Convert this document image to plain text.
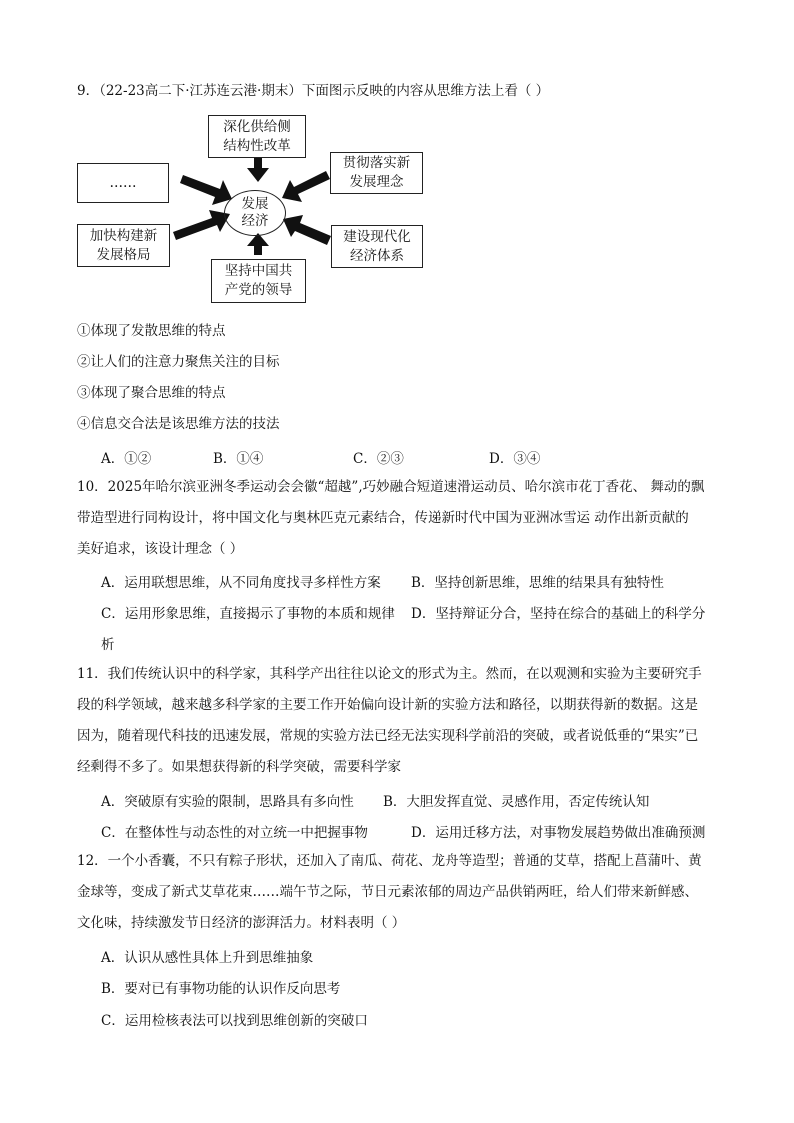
9．（22-23高二下·江苏连云港·期末）下面图示反映的内容从思维方法上看（ ）
深化供给侧
结构性改革
……
贯彻落实新
发展理念
发展
经济
加快构建新
发展格局
建设现代化
经济体系
坚持中国共
产党的领导
①体现了发散思维的特点
②让人们的注意力聚焦关注的目标
③体现了聚合思维的特点
④信息交合法是该思维方法的技法
A．①②	B．①④	C．②③	D．③④
10．2025年哈尔滨亚洲冬季运动会会徽“超越”,巧妙融合短道速滑运动员、哈尔滨市花丁香花、 舞动的飘
带造型进行同构设计，将中国文化与奥林匹克元素结合，传递新时代中国为亚洲冰雪运 动作出新贡献的
美好追求，该设计理念（ ）
A．运用联想思维，从不同角度找寻多样性方案 B．坚持创新思维，思维的结果具有独特性
C．运用形象思维，直接揭示了事物的本质和规律 D．坚持辩证分合，坚持在综合的基础上的科学分
析
11．我们传统认识中的科学家，其科学产出往往以论文的形式为主。然而，在以观测和实验为主要研究手
段的科学领域，越来越多科学家的主要工作开始偏向设计新的实验方法和路径，以期获得新的数据。这是
因为，随着现代科技的迅速发展，常规的实验方法已经无法实现科学前沿的突破，或者说低垂的“果实”已
经剩得不多了。如果想获得新的科学突破，需要科学家
A．突破原有实验的限制，思路具有多向性 B．大胆发挥直觉、灵感作用，否定传统认知
C．在整体性与动态性的对立统一中把握事物	D．运用迁移方法，对事物发展趋势做出准确预测
12．一个小香囊，不只有粽子形状，还加入了南瓜、荷花、龙舟等造型；普通的艾草，搭配上菖蒲叶、黄
金球等，变成了新式艾草花束……端午节之际，节日元素浓郁的周边产品供销两旺，给人们带来新鲜感、
文化味，持续激发节日经济的澎湃活力。材料表明（ ）
A．认识从感性具体上升到思维抽象
B．要对已有事物功能的认识作反向思考
C．运用检核表法可以找到思维创新的突破口
